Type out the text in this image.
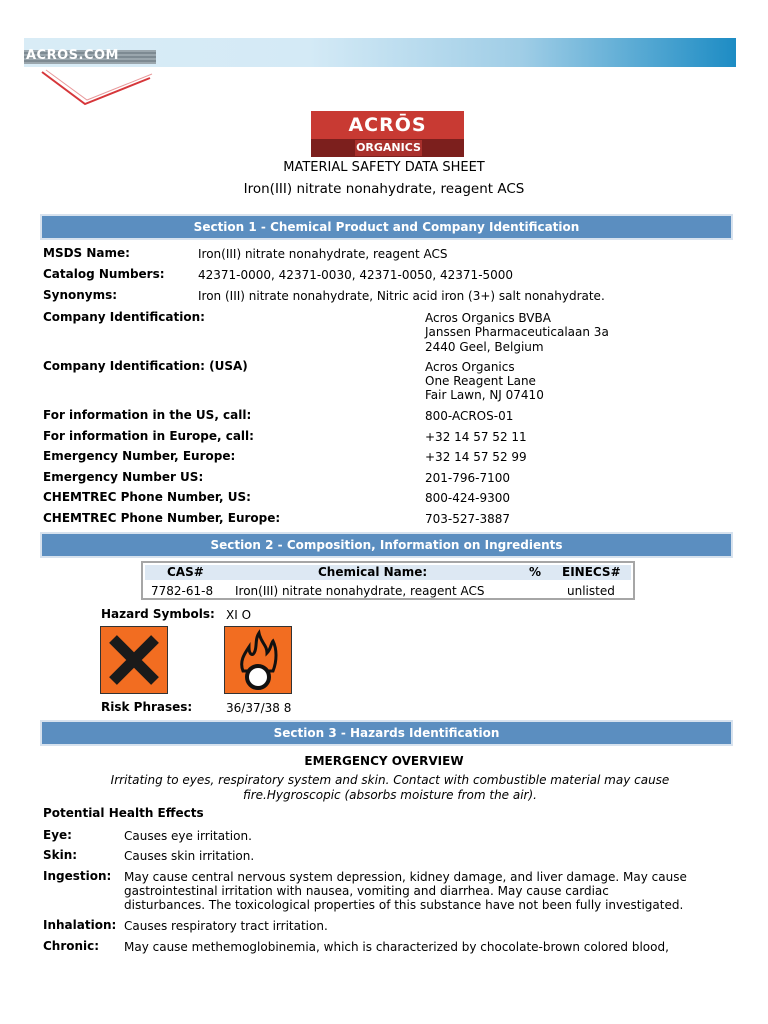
ACROS.COM
ACRŌS
ORGANICS
MATERIAL SAFETY DATA SHEET
Iron(III) nitrate nonahydrate, reagent ACS
Section 1 - Chemical Product and Company Identification
MSDS Name:	Iron(III) nitrate nonahydrate, reagent ACS
Catalog Numbers:	42371-0000, 42371-0030, 42371-0050, 42371-5000
Synonyms:	Iron (III) nitrate nonahydrate, Nitric acid iron (3+) salt nonahydrate.
Company Identification:	Acros Organics BVBA
Janssen Pharmaceuticalaan 3a
2440 Geel, Belgium
Company Identification: (USA)	Acros Organics
One Reagent Lane
Fair Lawn, NJ 07410
For information in the US, call:	800-ACROS-01
For information in Europe, call:	+32 14 57 52 11
Emergency Number, Europe:	+32 14 57 52 99
Emergency Number US:	201-796-7100
CHEMTREC Phone Number, US:	800-424-9300
CHEMTREC Phone Number, Europe:	703-527-3887
Section 2 - Composition, Information on Ingredients
CAS#	Chemical Name:	% EINECS#
7782-61-8 Iron(III) nitrate nonahydrate, reagent ACS	unlisted
Hazard Symbols: XI O
Risk Phrases:	36/37/38 8
Section 3 - Hazards Identification
EMERGENCY OVERVIEW
Irritating to eyes, respiratory system and skin. Contact with combustible material may cause
fire.Hygroscopic (absorbs moisture from the air).
Potential Health Effects
Eye:	Causes eye irritation.
Skin:	Causes skin irritation.
Ingestion: May cause central nervous system depression, kidney damage, and liver damage. May cause
gastrointestinal irritation with nausea, vomiting and diarrhea. May cause cardiac
disturbances. The toxicological properties of this substance have not been fully investigated.
Inhalation: Causes respiratory tract irritation.
Chronic: May cause methemoglobinemia, which is characterized by chocolate-brown colored blood,
